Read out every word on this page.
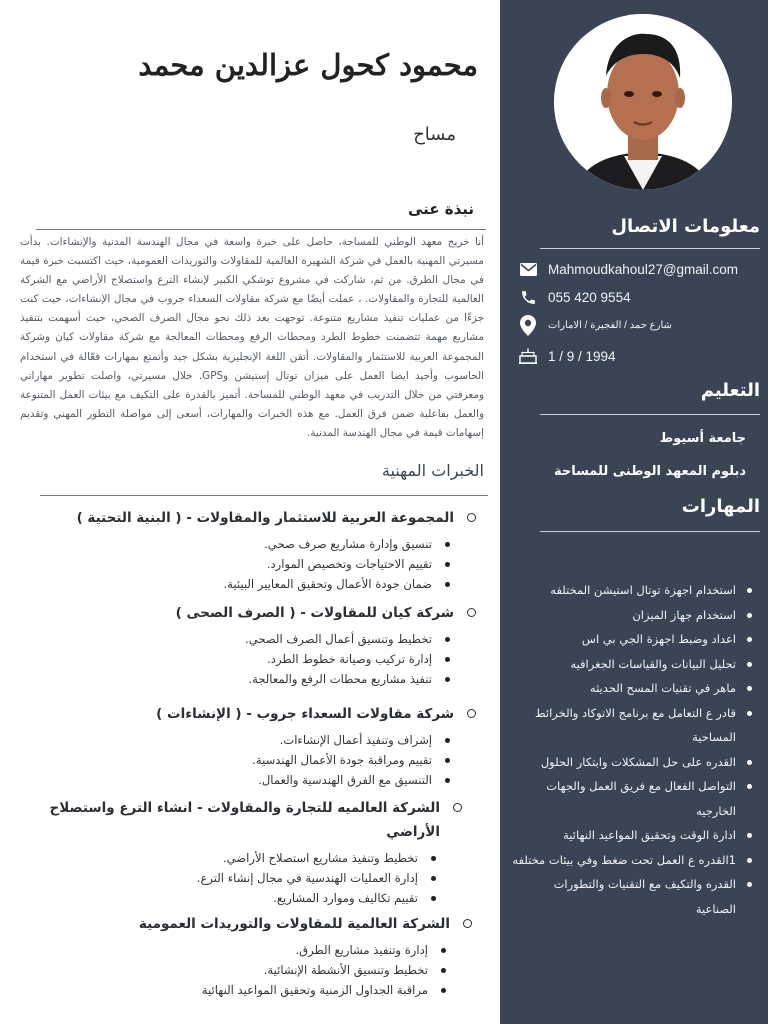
معلومات الاتصال
Mahmoudkahoul27@gmail.com
055 420 9554
شارع حمد / الفجيرة / الامارات
1 / 9 / 1994
التعليم
جامعة أسيوط
دبلوم المعهد الوطنى للمساحة
المهارات
استخدام اجهزة توتال استيشن المختلفه
استخدام جهاز الميزان
اعداد وضبط اجهزة الجي بي اس
تحليل البيانات والقياسات الجغرافيه
ماهر في تقنيات المسح الحديثه
قادر ع التعامل مع برنامج الاتوكاد والخرائط المساحية
القدره على حل المشكلات وابتكار الحلول
التواصل الفعال مع فريق العمل والجهات الخارجيه
ادارة الوقت وتحقيق المواعيد النهائية
1القدره ع العمل تحت ضغط وفي بيئات مختلفه
القدره والتكيف مع التقنيات والتطورات الصناعية
محمود كحول عزالدين محمد
مساح
نبذة عنى

أنا خريج معهد الوطني للمساحة، حاصل على خبرة واسعة في مجال الهندسة المدنية والإنشاءات. بدأت مسيرتي المهنية بالعمل في شركة الشهيرة العالمية للمقاولات والتوريدات العمومية، حيث اكتسبت خبرة قيمة في مجال الطرق. من ثم، شاركت في مشروع توشكي الكبير لإنشاء الترع واستصلاح الأراضي مع الشركة العالمية للتجارة والمقاولات. ، عملت أيضًا مع شركة مقاولات السعداء جروب في مجال الإنشاءات، حيث كنت جزءًا من عمليات تنفيذ مشاريع متنوعة. توجهت بعد ذلك نحو مجال الصرف الصحي، حيث أسهمت بتنفيذ مشاريع مهمة تتضمنت خطوط الطرد ومحطات الرفع ومحطات المعالجة مع شركة مقاولات كيان وشركة المجموعة العربية للاستثمار والمقاولات. أتقن اللغة الإنجليزية بشكل جيد وأتمتع بمهارات فعّالة في استخدام الحاسوب وأجيد ايضا العمل على ميزان توتال إستيشن وGPS. خلال مسيرتي، واصلت تطوير مهاراتي ومعرفتي من خلال التدريب في معهد الوطني للمساحة. أتميز بالقدرة على التكيف مع بيئات العمل المتنوعة والعمل بفاعلية ضمن فرق العمل. مع هذه الخبرات والمهارات، أسعى إلى مواصلة التطور المهني وتقديم إسهامات قيمة في مجال الهندسة المدنية.

الخبرات المهنية
المجموعة العربية للاستثمار والمقاولات - ( البنية التحتية )
تنسيق وإدارة مشاريع صرف صحي.
تقييم الاحتياجات وتخصيص الموارد.
ضمان جودة الأعمال وتحقيق المعايير البيئية.
شركة كيان للمقاولات - ( الصرف الصحى )
تخطيط وتنسيق أعمال الصرف الصحي.
إدارة تركيب وصيانة خطوط الطرد.
تنفيذ مشاريع محطات الرفع والمعالجة.
شركة مقاولات السعداء جروب - ( الإنشاءات )
إشراف وتنفيذ أعمال الإنشاءات.
تقييم ومراقبة جودة الأعمال الهندسية.
التنسيق مع الفرق الهندسية والعمال.
الشركة العالميه للتجارة والمقاولات - انشاء الترع واستصلاح الأراضي
تخطيط وتنفيذ مشاريع استصلاح الأراضي.
إدارة العمليات الهندسية في مجال إنشاء الترع.
تقييم تكاليف وموارد المشاريع.
الشركة العالمية للمقاولات والتوريدات العمومية
إدارة وتنفيذ مشاريع الطرق.
تخطيط وتنسيق الأنشطة الإنشائية.
مراقبة الجداول الزمنية وتحقيق المواعيد النهائية
